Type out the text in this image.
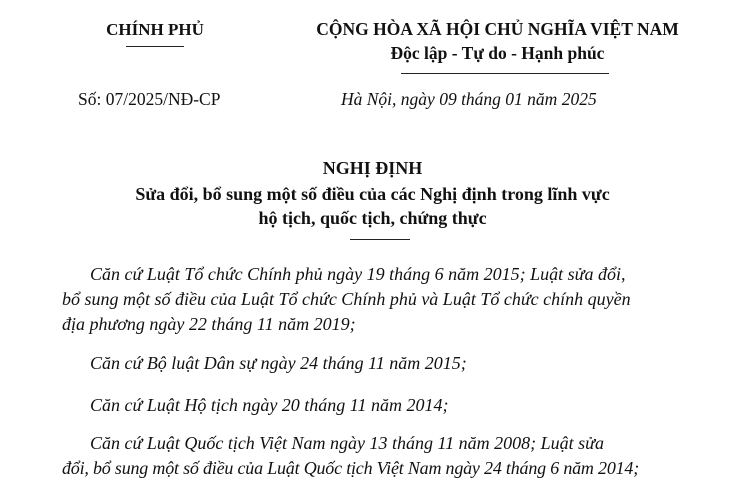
CHÍNH PHỦ	CỘNG HÒA XÃ HỘI CHỦ NGHĨA VIỆT NAM
Độc lập - Tự do - Hạnh phúc
Số: 07/2025/NĐ-CP	Hà Nội, ngày 09 tháng 01 năm 2025
NGHỊ ĐỊNH
Sửa đổi, bổ sung một số điều của các Nghị định trong lĩnh vực
hộ tịch, quốc tịch, chứng thực
Căn cứ Luật Tổ chức Chính phủ ngày 19 tháng 6 năm 2015; Luật sửa đổi,
bổ sung một số điều của Luật Tổ chức Chính phủ và Luật Tổ chức chính quyền
địa phương ngày 22 tháng 11 năm 2019;
Căn cứ Bộ luật Dân sự ngày 24 tháng 11 năm 2015;
Căn cứ Luật Hộ tịch ngày 20 tháng 11 năm 2014;
Căn cứ Luật Quốc tịch Việt Nam ngày 13 tháng 11 năm 2008; Luật sửa
đổi, bổ sung một số điều của Luật Quốc tịch Việt Nam ngày 24 tháng 6 năm 2014;
